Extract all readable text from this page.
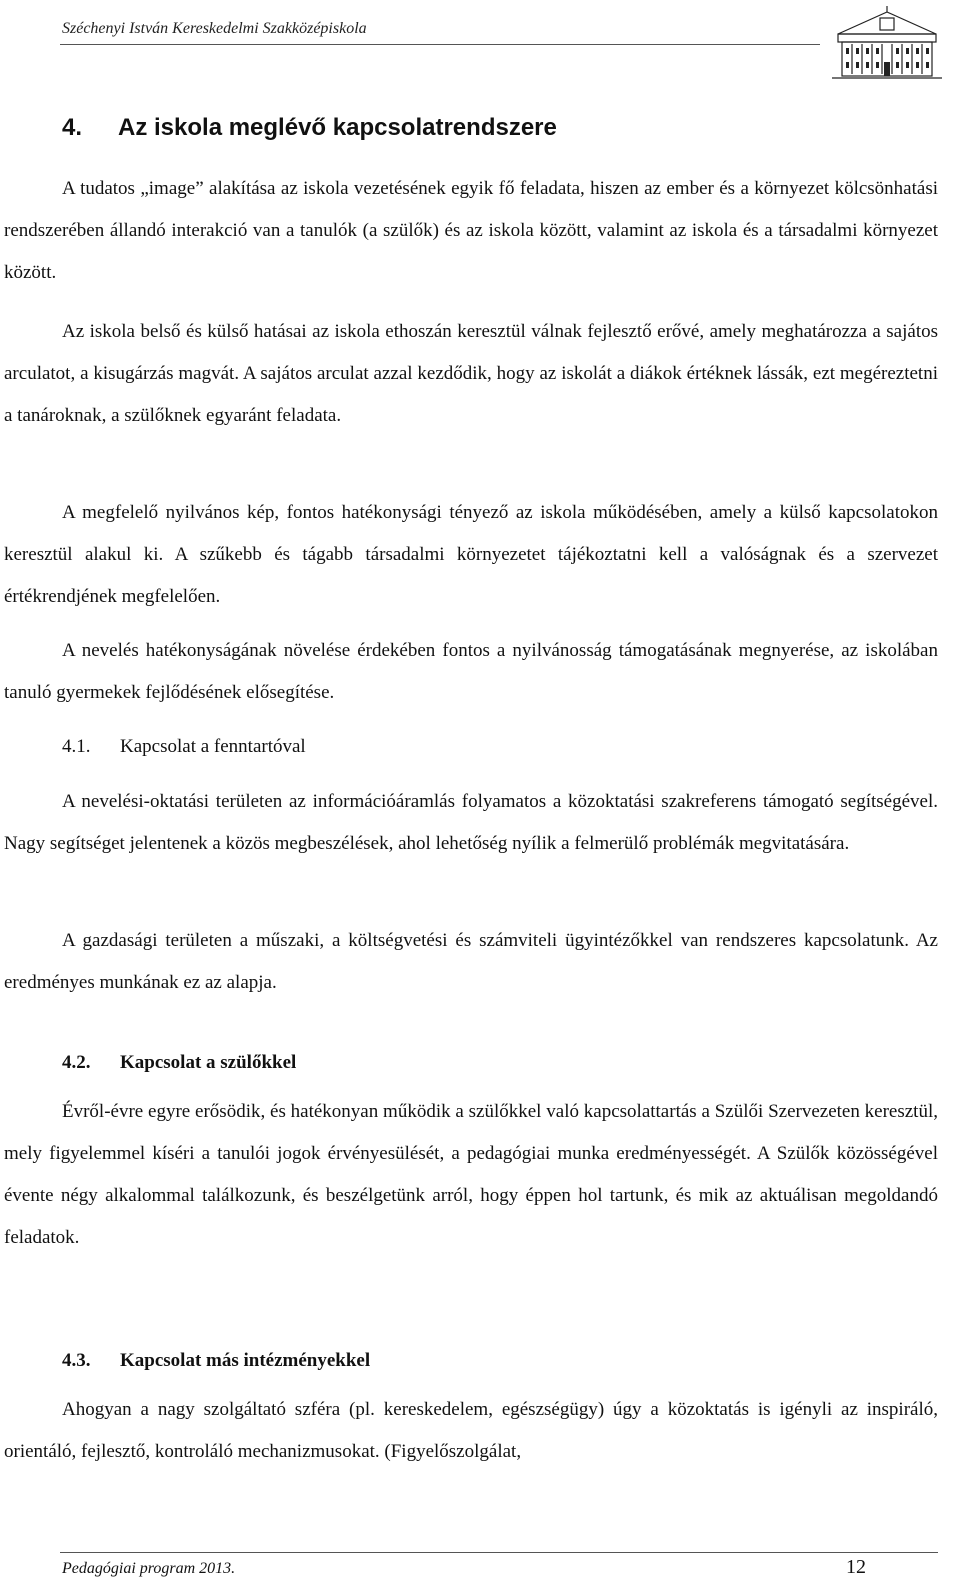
Széchenyi István Kereskedelmi Szakközépiskola
4. Az iskola meglévő kapcsolatrendszere

A tudatos „image” alakítása az iskola vezetésének egyik fő feladata, hiszen az ember és a környezet kölcsönhatási rendszerében állandó interakció van a tanulók (a szülők) és az iskola között, valamint az iskola és a társadalmi környezet között.

Az iskola belső és külső hatásai az iskola ethoszán keresztül válnak fejlesztő erővé, amely meghatározza a sajátos arculatot, a kisugárzás magvát. A sajátos arculat azzal kezdődik, hogy az iskolát a diákok értéknek lássák, ezt megéreztetni a tanároknak, a szülőknek egyaránt feladata.

A megfelelő nyilvános kép, fontos hatékonysági tényező az iskola működésében, amely a külső kapcsolatokon keresztül alakul ki. A szűkebb és tágabb társadalmi környezetet tájékoztatni kell a valóságnak és a szervezet értékrendjének megfelelően.

A nevelés hatékonyságának növelése érdekében fontos a nyilvánosság támogatásának megnyerése, az iskolában tanuló gyermekek fejlődésének elősegítése.

4.1. Kapcsolat a fenntartóval

A nevelési-oktatási területen az információáramlás folyamatos a közoktatási szakreferens támogató segítségével. Nagy segítséget jelentenek a közös megbeszélések, ahol lehetőség nyílik a felmerülő problémák megvitatására.

A gazdasági területen a műszaki, a költségvetési és számviteli ügyintézőkkel van rendszeres kapcsolatunk. Az eredményes munkának ez az alapja.

4.2. Kapcsolat a szülőkkel

Évről-évre egyre erősödik, és hatékonyan működik a szülőkkel való kapcsolattartás a Szülői Szervezeten keresztül, mely figyelemmel kíséri a tanulói jogok érvényesülését, a pedagógiai munka eredményességét. A Szülők közösségével évente négy alkalommal találkozunk, és beszélgetünk arról, hogy éppen hol tartunk, és mik az aktuálisan megoldandó feladatok.

4.3. Kapcsolat más intézményekkel

Ahogyan a nagy szolgáltató szféra (pl. kereskedelem, egészségügy) úgy a közoktatás is igényli az inspiráló, orientáló, fejlesztő, kontroláló mechanizmusokat. (Figyelőszolgálat,

Pedagógiai program 2013.	12
